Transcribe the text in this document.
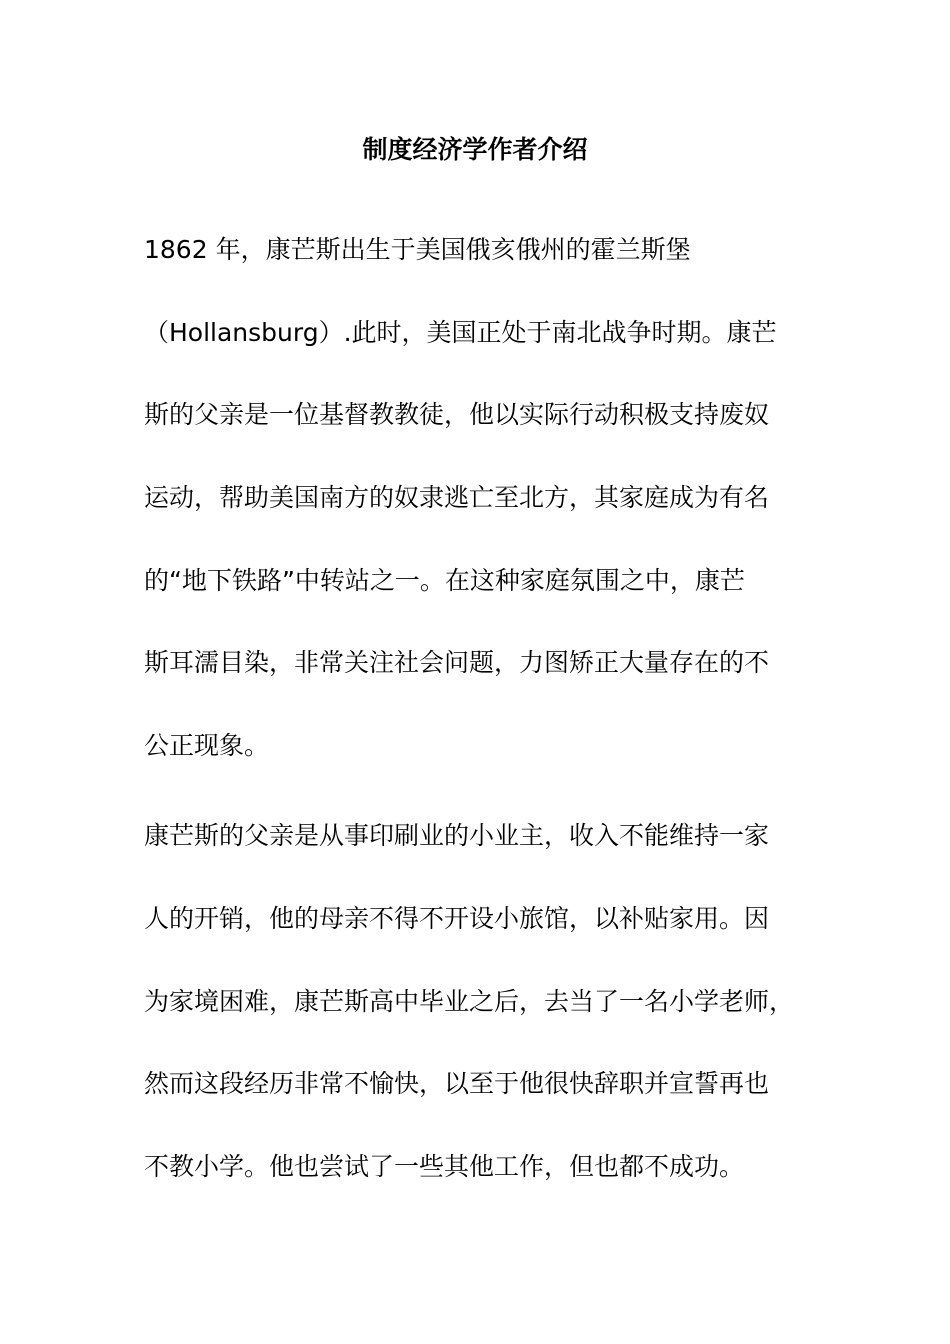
制度经济学作者介绍
1862 年，康芒斯出生于美国俄亥俄州的霍兰斯堡
（Hollansburg）.此时，美国正处于南北战争时期。康芒
斯的父亲是一位基督教教徒，他以实际行动积极支持废奴
运动，帮助美国南方的奴隶逃亡至北方，其家庭成为有名
的“地下铁路”中转站之一。在这种家庭氛围之中，康芒
斯耳濡目染，非常关注社会问题，力图矫正大量存在的不
公正现象。
康芒斯的父亲是从事印刷业的小业主，收入不能维持一家
人的开销，他的母亲不得不开设小旅馆，以补贴家用。因
为家境困难，康芒斯高中毕业之后，去当了一名小学老师，
然而这段经历非常不愉快，以至于他很快辞职并宣誓再也
不教小学。他也尝试了一些其他工作，但也都不成功。
